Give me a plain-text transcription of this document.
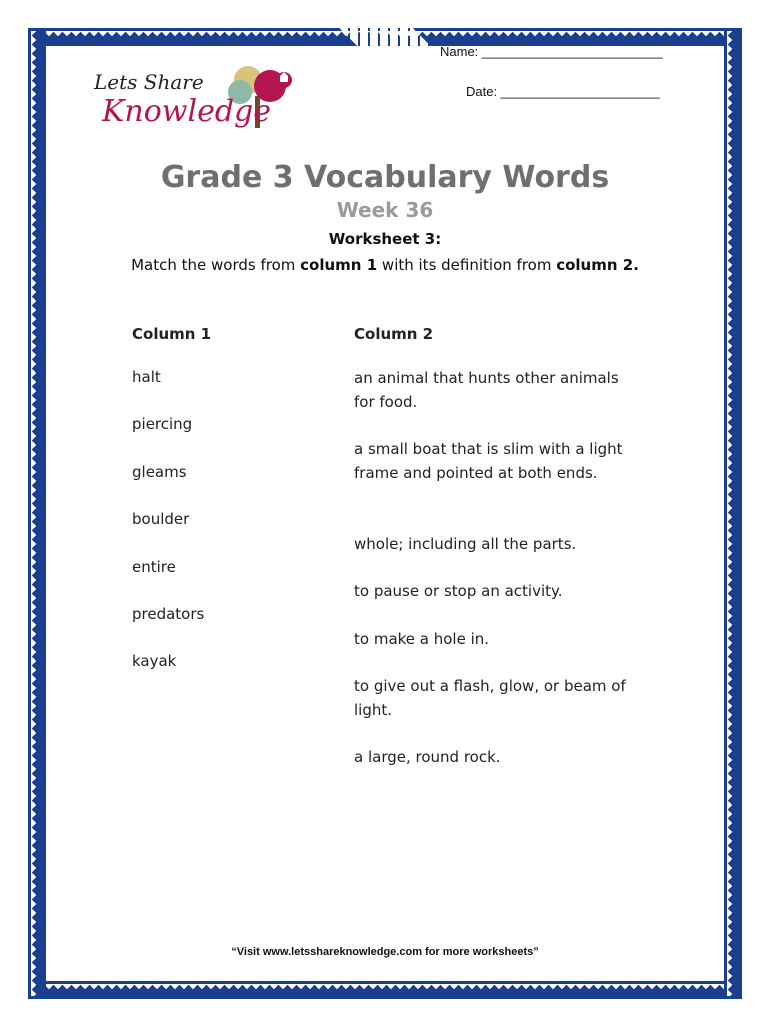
Lets Share
Knowledge
Name: _________________________
Date: ______________________
Grade 3 Vocabulary Words
Week 36
Worksheet 3:
Match the words from column 1 with its definition from column 2.
Column 1
halt
piercing
gleams
boulder
entire
predators
kayak
Column 2
an animal that hunts other animals for food.
a small boat that is slim with a light frame and pointed at both ends.
whole; including all the parts.
to pause or stop an activity.
to make a hole in.
to give out a flash, glow, or beam of light.
a large, round rock.
“Visit www.letsshareknowledge.com for more worksheets”
